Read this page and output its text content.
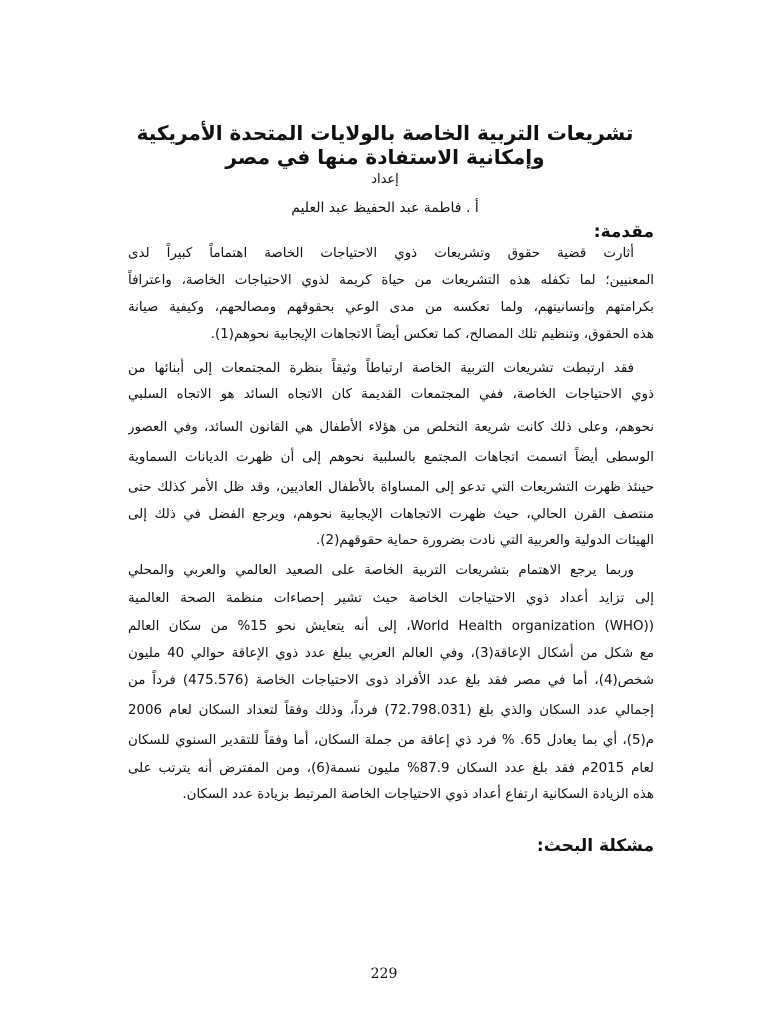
تشريعات التربية الخاصة بالولايات المتحدة الأمريكية
وإمكانية الاستفادة منها في مصر
إعداد
أ . فاطمة عبد الحفيظ عبد العليم
مقدمة:
أثارت قضية حقوق وتشريعات ذوي الاحتياجات الخاصة اهتماماً كبيراً لدى
المعنيين؛ لما تكفله هذه التشريعات من حياة كريمة لذوي الاحتياجات الخاصة، واعترافاً
بكرامتهم وإنسانيتهم، ولما تعكسه من مدى الوعي بحقوقهم ومصالحهم، وكيفية صيانة
هذه الحقوق، وتنظيم تلك المصالح، كما تعكس أيضاً الاتجاهات الإيجابية نحوهم(1).
فقد ارتبطت تشريعات التربية الخاصة ارتباطاً وثيقاً بنظرة المجتمعات إلى أبنائها من
ذوي الاحتياجات الخاصة، ففي المجتمعات القديمة كان الاتجاه السائد هو الاتجاه السلبي
نحوهم، وعلى ذلك كانت شريعة التخلص من هؤلاء الأطفال هي القانون السائد، وفي العصور
الوسطى أيضاً اتسمت اتجاهات المجتمع بالسلبية نحوهم إلى أن ظهرت الديانات السماوية
حينئذ ظهرت التشريعات التي تدعو إلى المساواة بالأطفال العاديين، وقد ظل الأمر كذلك حتى
منتصف القرن الحالي، حيث ظهرت الاتجاهات الإيجابية نحوهم، ويرجع الفضل في ذلك إلى
الهيئات الدولية والعربية التي نادت بضرورة حماية حقوقهم(2).
وربما يرجع الاهتمام بتشريعات التربية الخاصة على الصعيد العالمي والعربي والمحلي
إلى تزايد أعداد ذوي الاحتياجات الخاصة حيث تشير إحصاءات منظمة الصحة العالمية
(World Health organization (WHO)، إلى أنه يتعايش نحو 15% من سكان العالم
مع شكل من أشكال الإعاقة(3)، وفي العالم العربي يبلغ عدد ذوي الإعاقة حوالي 40 مليون
شخص(4)، أما في مصر فقد بلغ عدد الأفراد ذوى الاحتياجات الخاصة (475.576) فرداً من
إجمالي عدد السكان والذي بلغ (72.798.031) فرداً، وذلك وفقاً لتعداد السكان لعام 2006
م(5)، أي بما يعادل 65. % فرد ذي إعاقة من جملة السكان، أما وفقاً للتقدير السنوي للسكان
لعام 2015م فقد بلغ عدد السكان 87.9% مليون نسمة(6)، ومن المفترض أنه يترتب على
هذه الزيادة السكانية ارتفاع أعداد ذوي الاحتياجات الخاصة المرتبط بزيادة عدد السكان.
مشكلة البحث:
229
